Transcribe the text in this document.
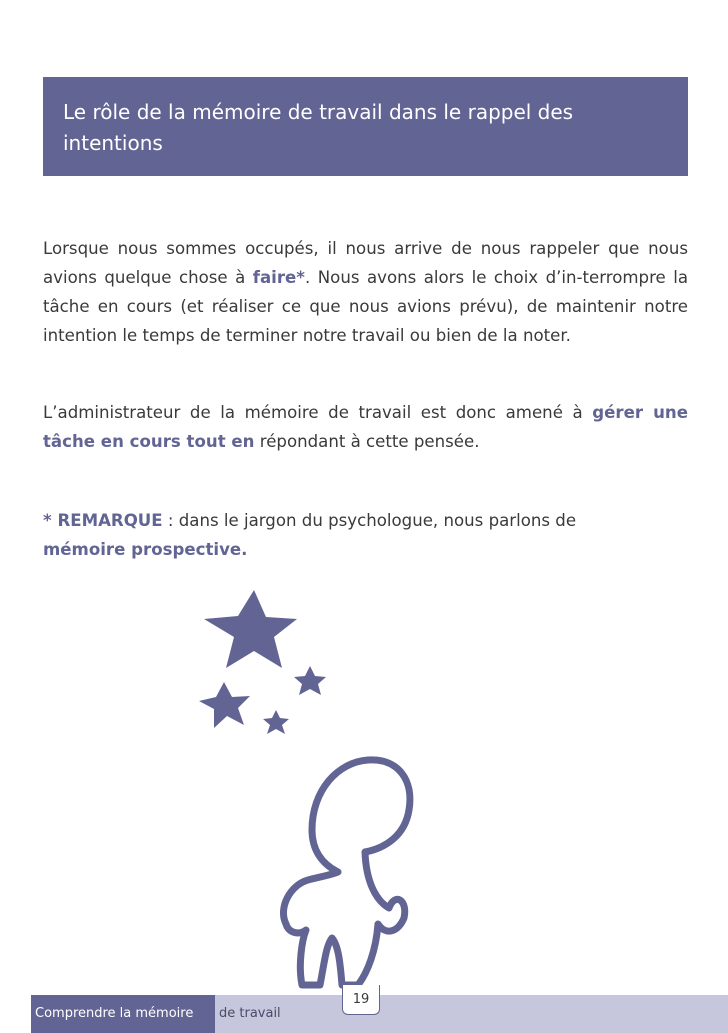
Le rôle de la mémoire de travail dans le rappel des
intentions

Lorsque nous sommes occupés, il nous arrive de nous rappeler que nous avions quelque chose à faire*. Nous avons alors le choix d’in-terrompre la tâche en cours (et réaliser ce que nous avions prévu), de maintenir notre intention le temps de terminer notre travail ou bien de la noter.

L’administrateur de la mémoire de travail est donc amené à gérer une tâche en cours tout en répondant à cette pensée.

* REMARQUE : dans le jargon du psychologue, nous parlons de
mémoire prospective.

Comprendre la mémoire	de travail
19
